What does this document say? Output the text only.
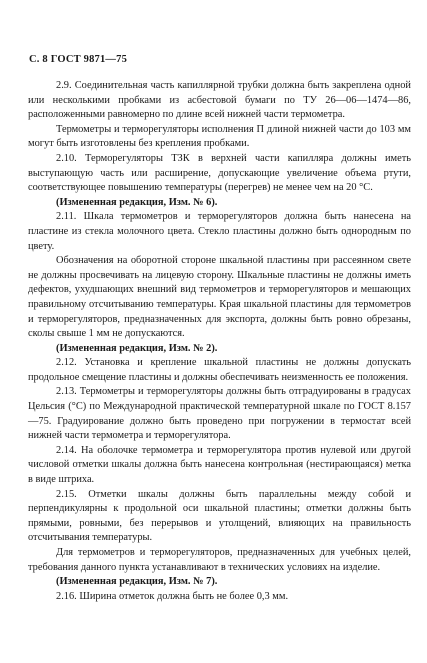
С. 8 ГОСТ 9871—75

2.9. Соединительная часть капиллярной трубки должна быть закреплена одной или несколькими пробками из асбестовой бумаги по ТУ 26—06—1474—86, расположенными равномерно по длине всей нижней части термометра.

Термометры и терморегуляторы исполнения П длиной нижней части до 103 мм могут быть изготовлены без крепления пробками.

2.10. Терморегуляторы ТЗК в верхней части капилляра должны иметь выступающую часть или расширение, допускающие увеличение объема ртути, соответствующее повышению температуры (перегрев) не менее чем на 20 °С.

(Измененная редакция, Изм. № 6).

2.11. Шкала термометров и терморегуляторов должна быть нанесена на пластине из стекла молочного цвета. Стекло пластины должно быть однородным по цвету.

Обозначения на оборотной стороне шкальной пластины при рассеянном свете не должны просвечивать на лицевую сторону. Шкальные пластины не должны иметь дефектов, ухудшающих внешний вид термометров и терморегуляторов и мешающих правильному отсчитыванию температуры. Края шкальной пластины для термометров и терморегуляторов, предназначенных для экспорта, должны быть ровно обрезаны, сколы свыше 1 мм не допускаются.

(Измененная редакция, Изм. № 2).

2.12. Установка и крепление шкальной пластины не должны допускать продольное смещение пластины и должны обеспечивать неизменность ее положения.

2.13. Термометры и терморегуляторы должны быть отградуированы в градусах Цельсия (°С) по Международной практической температурной шкале по ГОСТ 8.157—75. Градуирование должно быть проведено при погружении в термостат всей нижней части термометра и терморегулятора.

2.14. На оболочке термометра и терморегулятора против нулевой или другой числовой отметки шкалы должна быть нанесена контрольная (нестирающаяся) метка в виде штриха.

2.15. Отметки шкалы должны быть параллельны между собой и перпендикулярны к продольной оси шкальной пластины; отметки должны быть прямыми, ровными, без перерывов и утолщений, влияющих на правильность отсчитывания температуры.

Для термометров и терморегуляторов, предназначенных для учебных целей, требования данного пункта устанавливают в технических условиях на изделие.

(Измененная редакция, Изм. № 7).

2.16. Ширина отметок должна быть не более 0,3 мм.
